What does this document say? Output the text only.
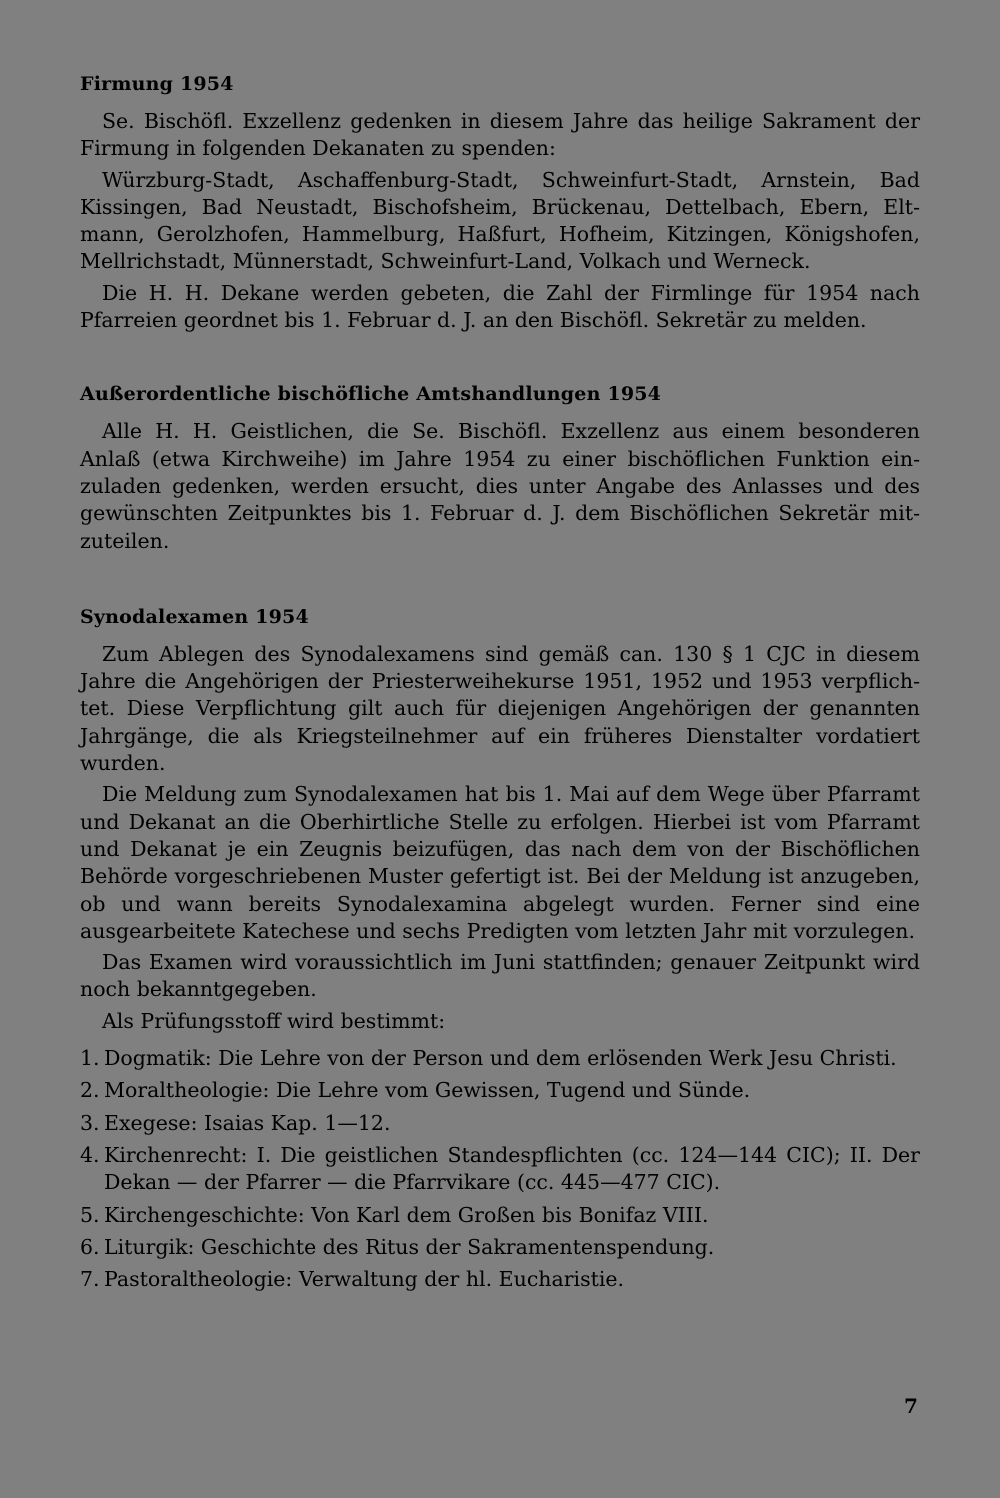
Firmung 1954

Se. Bischöfl. Exzellenz gedenken in diesem Jahre das heilige Sakrament der Firmung in folgenden Dekanaten zu spenden:

Würzburg-Stadt, Aschaffenburg-Stadt, Schweinfurt-Stadt, Arnstein, Bad Kissingen, Bad Neustadt, Bischofsheim, Brückenau, Dettelbach, Ebern, Eltmann, Gerolzhofen, Hammelburg, Haßfurt, Hofheim, Kitzingen, Königshofen, Mellrichstadt, Münnerstadt, Schweinfurt-Land, Volkach und Werneck.

Die H. H. Dekane werden gebeten, die Zahl der Firmlinge für 1954 nach Pfarreien geordnet bis 1. Februar d. J. an den Bischöfl. Sekretär zu melden.

Außerordentliche bischöfliche Amtshandlungen 1954

Alle H. H. Geistlichen, die Se. Bischöfl. Exzellenz aus einem besonderen Anlaß (etwa Kirchweihe) im Jahre 1954 zu einer bischöflichen Funktion einzuladen gedenken, werden ersucht, dies unter Angabe des Anlasses und des gewünschten Zeitpunktes bis 1. Februar d. J. dem Bischöflichen Sekretär mitzuteilen.

Synodalexamen 1954

Zum Ablegen des Synodalexamens sind gemäß can. 130 § 1 CJC in diesem Jahre die Angehörigen der Priesterweihekurse 1951, 1952 und 1953 verpflichtet. Diese Verpflichtung gilt auch für diejenigen Angehörigen der genannten Jahrgänge, die als Kriegsteilnehmer auf ein früheres Dienstalter vordatiert wurden.

Die Meldung zum Synodalexamen hat bis 1. Mai auf dem Wege über Pfarramt und Dekanat an die Oberhirtliche Stelle zu erfolgen. Hierbei ist vom Pfarramt und Dekanat je ein Zeugnis beizufügen, das nach dem von der Bischöflichen Behörde vorgeschriebenen Muster gefertigt ist. Bei der Meldung ist anzugeben, ob und wann bereits Synodalexamina abgelegt wurden. Ferner sind eine ausgearbeitete Katechese und sechs Predigten vom letzten Jahr mit vorzulegen.

Das Examen wird voraussichtlich im Juni stattfinden; genauer Zeitpunkt wird noch bekanntgegeben.

Als Prüfungsstoff wird bestimmt:

1. Dogmatik: Die Lehre von der Person und dem erlösenden Werk Jesu Christi.
2. Moraltheologie: Die Lehre vom Gewissen, Tugend und Sünde.
3. Exegese: Isaias Kap. 1—12.
4. Kirchenrecht: I. Die geistlichen Standespflichten (cc. 124—144 CIC); II. Der Dekan — der Pfarrer — die Pfarrvikare (cc. 445—477 CIC).
5. Kirchengeschichte: Von Karl dem Großen bis Bonifaz VIII.
6. Liturgik: Geschichte des Ritus der Sakramentenspendung.
7. Pastoraltheologie: Verwaltung der hl. Eucharistie.
7
